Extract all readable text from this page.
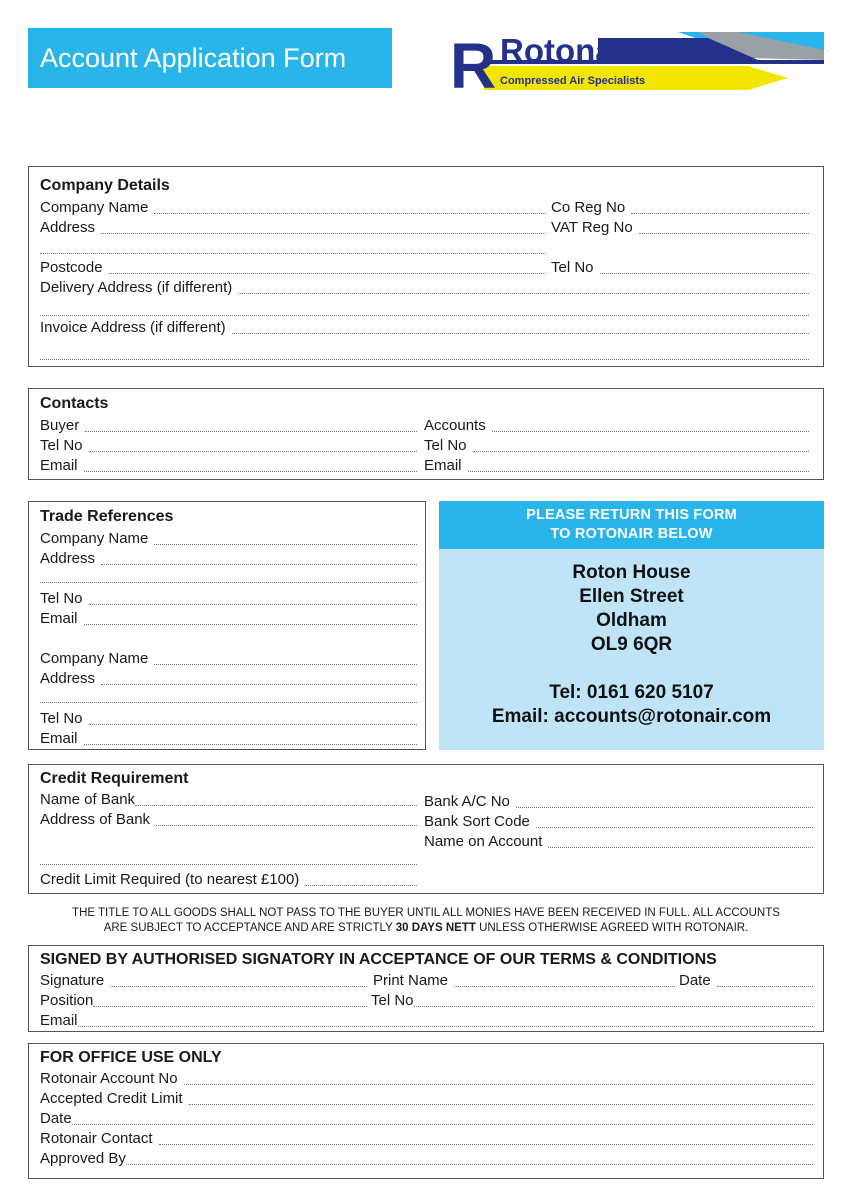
Account Application Form	R Rotonair
Compressed Air Specialists
Company Details
Company Name	Co Reg No
Address	VAT Reg No
Postcode	Tel No
Delivery Address (if different)
Invoice Address (if different)
Contacts
Buyer	Accounts
Tel No	Tel No
Email	Email
Trade References
Company Name
Address
Tel No
Email
Company Name
Address
Tel No
Email
PLEASE RETURN THIS FORM
TO ROTONAIR BELOW
Roton House
Ellen Street
Oldham
OL9 6QR
Tel: 0161 620 5107
Email: accounts@rotonair.com
Credit Requirement
Name of Bank	Bank A/C No
Address of Bank	Bank Sort Code
Name on Account
Credit Limit Required (to nearest £100)
THE TITLE TO ALL GOODS SHALL NOT PASS TO THE BUYER UNTIL ALL MONIES HAVE BEEN RECEIVED IN FULL. ALL ACCOUNTS
ARE SUBJECT TO ACCEPTANCE AND ARE STRICTLY 30 DAYS NETT UNLESS OTHERWISE AGREED WITH ROTONAIR.
SIGNED BY AUTHORISED SIGNATORY IN ACCEPTANCE OF OUR TERMS & CONDITIONS
Signature	Print Name	Date
Position	Tel No
Email
FOR OFFICE USE ONLY
Rotonair Account No
Accepted Credit Limit
Date
Rotonair Contact
Approved By
